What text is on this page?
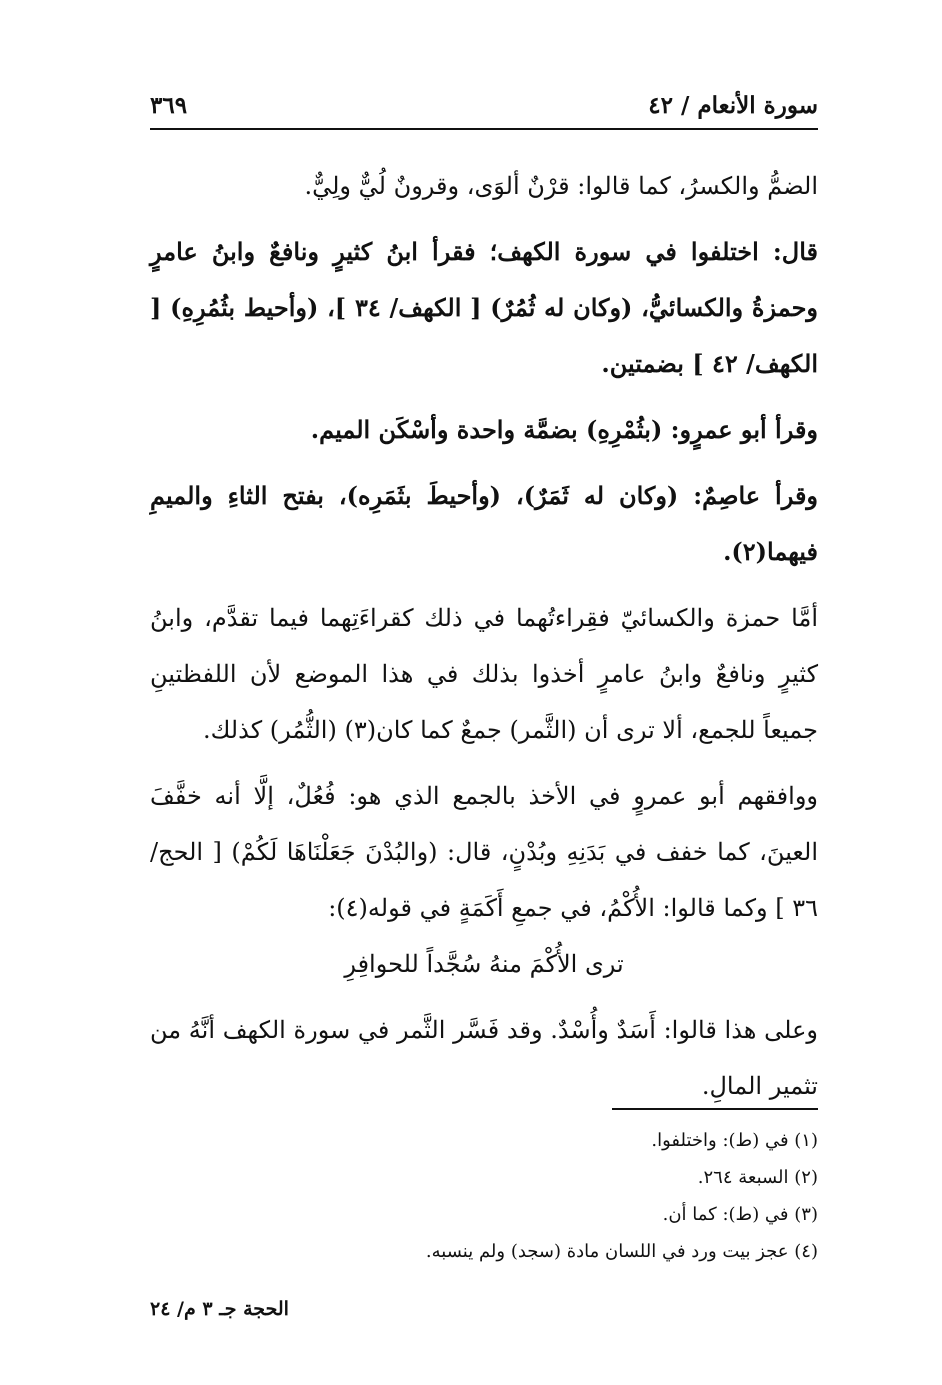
سورة الأنعام / ٤٢
٣٦٩

الضمُّ والكسرُ، كما قالوا: قرْنٌ ألوَى، وقرونٌ لُيٌّ ولِيٌّ.

قال: اختلفوا في سورة الكهف؛ فقرأ ابنُ كثيرٍ ونافعٌ وابنُ عامرٍ وحمزةُ والكسائيُّ، (وكان له ثُمُرٌ) [ الكهف/ ٣٤ ]، (وأحيط بثُمُرِهِ) [ الكهف/ ٤٢ ] بضمتين.

وقرأ أبو عمرٍو: (بثُمْرِهِ) بضمَّة واحدة وأسْكَن الميم.

وقرأ عاصِمٌ: (وكان له ثَمَرٌ)، (وأحيطَ بثَمَرِه)، بفتح الثاءِ والميمِ فيهما(٢).

أمَّا حمزة والكسائيّ فقِراءتُهما في ذلك كقراءَتِهما فيما تقدَّم، وابنُ كثيرٍ ونافعٌ وابنُ عامرٍ أخذوا بذلك في هذا الموضع لأن اللفظتينِ جميعاً للجمع، ألا ترى أن (الثَّمر) جمعٌ كما كان(٣) (الثُّمُر) كذلك.

ووافقهم أبو عمروٍ في الأخذ بالجمع الذي هو: فُعُلٌ، إلَّا أنه خفَّفَ العينَ، كما خفف في بَدَنِهِ وبُدْنٍ، قال: (والبُدْنَ جَعَلْنَاهَا لَكُمْ) [ الحج/٣٦ ] وكما قالوا: الأُكْمُ، في جمعِ أَكَمَةٍ في قوله(٤):

ترى الأُكْمَ منهُ سُجَّداً للحوافِرِ

وعلى هذا قالوا: أَسَدٌ وأُسْدٌ. وقد فَسَّر الثَّمر في سورة الكهف أنَّهُ من تثمير المالِ.

(١) في (ط): واختلفوا.

(٢) السبعة ٢٦٤.

(٣) في (ط): كما أن.

(٤) عجز بيت ورد في اللسان مادة (سجد) ولم ينسبه.

الحجة جـ ٣ م/ ٢٤
